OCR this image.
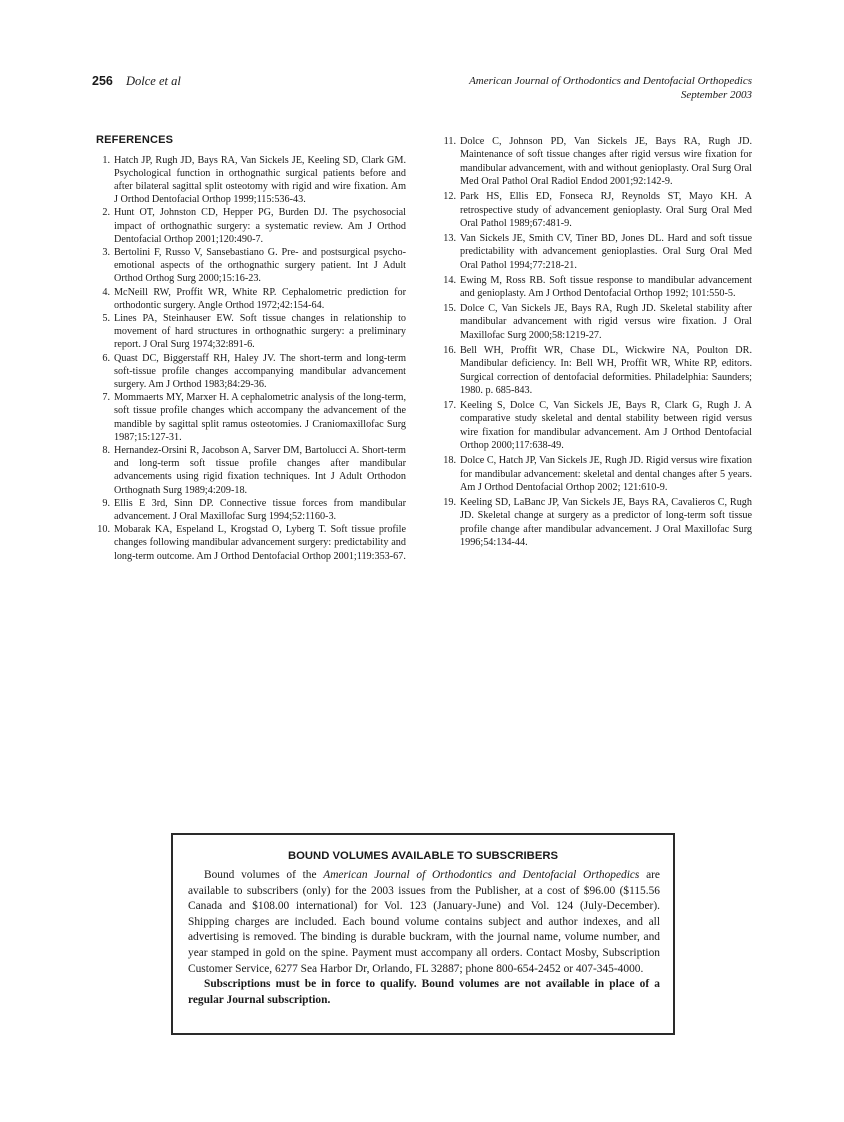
256 Dolce et al	American Journal of Orthodontics and Dentofacial Orthopedics
September 2003
REFERENCES
1. Hatch JP, Rugh JD, Bays RA, Van Sickels JE, Keeling SD, Clark GM. Psychological function in orthognathic surgical patients before and after bilateral sagittal split osteotomy with rigid and wire fixation. Am J Orthod Dentofacial Orthop 1999;115:536-43.
2. Hunt OT, Johnston CD, Hepper PG, Burden DJ. The psychosocial impact of orthognathic surgery: a systematic review. Am J Orthod Dentofacial Orthop 2001;120:490-7.
3. Bertolini F, Russo V, Sansebastiano G. Pre- and postsurgical psycho-emotional aspects of the orthognathic surgery patient. Int J Adult Orthod Orthog Surg 2000;15:16-23.
4. McNeill RW, Proffit WR, White RP. Cephalometric prediction for orthodontic surgery. Angle Orthod 1972;42:154-64.
5. Lines PA, Steinhauser EW. Soft tissue changes in relationship to movement of hard structures in orthognathic surgery: a preliminary report. J Oral Surg 1974;32:891-6.
6. Quast DC, Biggerstaff RH, Haley JV. The short-term and long-term soft-tissue profile changes accompanying mandibular advancement surgery. Am J Orthod 1983;84:29-36.
7. Mommaerts MY, Marxer H. A cephalometric analysis of the long-term, soft tissue profile changes which accompany the advancement of the mandible by sagittal split ramus osteotomies. J Craniomaxillofac Surg 1987;15:127-31.
8. Hernandez-Orsini R, Jacobson A, Sarver DM, Bartolucci A. Short-term and long-term soft tissue profile changes after mandibular advancements using rigid fixation techniques. Int J Adult Orthodon Orthognath Surg 1989;4:209-18.
9. Ellis E 3rd, Sinn DP. Connective tissue forces from mandibular advancement. J Oral Maxillofac Surg 1994;52:1160-3.
10. Mobarak KA, Espeland L, Krogstad O, Lyberg T. Soft tissue profile changes following mandibular advancement surgery: predictability and long-term outcome. Am J Orthod Dentofacial Orthop 2001;119:353-67.
11. Dolce C, Johnson PD, Van Sickels JE, Bays RA, Rugh JD. Maintenance of soft tissue changes after rigid versus wire fixation for mandibular advancement, with and without genioplasty. Oral Surg Oral Med Oral Pathol Oral Radiol Endod 2001;92:142-9.
12. Park HS, Ellis ED, Fonseca RJ, Reynolds ST, Mayo KH. A retrospective study of advancement genioplasty. Oral Surg Oral Med Oral Pathol 1989;67:481-9.
13. Van Sickels JE, Smith CV, Tiner BD, Jones DL. Hard and soft tissue predictability with advancement genioplasties. Oral Surg Oral Med Oral Pathol 1994;77:218-21.
14. Ewing M, Ross RB. Soft tissue response to mandibular advancement and genioplasty. Am J Orthod Dentofacial Orthop 1992; 101:550-5.
15. Dolce C, Van Sickels JE, Bays RA, Rugh JD. Skeletal stability after mandibular advancement with rigid versus wire fixation. J Oral Maxillofac Surg 2000;58:1219-27.
16. Bell WH, Proffit WR, Chase DL, Wickwire NA, Poulton DR. Mandibular deficiency. In: Bell WH, Proffit WR, White RP, editors. Surgical correction of dentofacial deformities. Philadelphia: Saunders; 1980. p. 685-843.
17. Keeling S, Dolce C, Van Sickels JE, Bays R, Clark G, Rugh J. A comparative study skeletal and dental stability between rigid versus wire fixation for mandibular advancement. Am J Orthod Dentofacial Orthop 2000;117:638-49.
18. Dolce C, Hatch JP, Van Sickels JE, Rugh JD. Rigid versus wire fixation for mandibular advancement: skeletal and dental changes after 5 years. Am J Orthod Dentofacial Orthop 2002; 121:610-9.
19. Keeling SD, LaBanc JP, Van Sickels JE, Bays RA, Cavalieros C, Rugh JD. Skeletal change at surgery as a predictor of long-term soft tissue profile change after mandibular advancement. J Oral Maxillofac Surg 1996;54:134-44.
BOUND VOLUMES AVAILABLE TO SUBSCRIBERS

Bound volumes of the American Journal of Orthodontics and Dentofacial Orthopedics are available to subscribers (only) for the 2003 issues from the Publisher, at a cost of $96.00 ($115.56 Canada and $108.00 international) for Vol. 123 (January-June) and Vol. 124 (July-December). Shipping charges are included. Each bound volume contains subject and author indexes, and all advertising is removed. The binding is durable buckram, with the journal name, volume number, and year stamped in gold on the spine. Payment must accompany all orders. Contact Mosby, Subscription Customer Service, 6277 Sea Harbor Dr, Orlando, FL 32887; phone 800-654-2452 or 407-345-4000.

Subscriptions must be in force to qualify. Bound volumes are not available in place of a regular Journal subscription.
